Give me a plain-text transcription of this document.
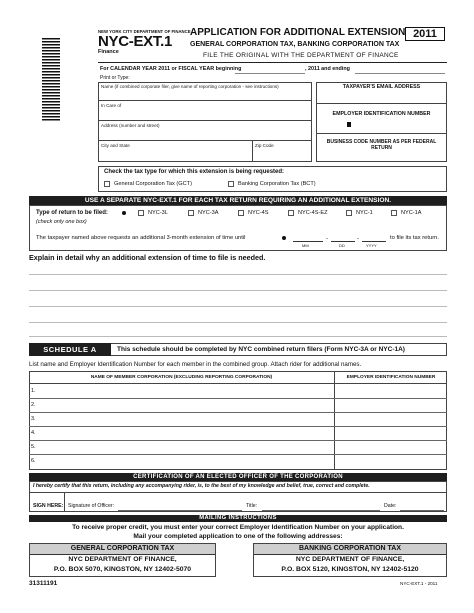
NEW YORK CITY DEPARTMENT OF FINANCE
NYC-EXT.1
Finance
APPLICATION FOR ADDITIONAL EXTENSION
GENERAL CORPORATION TAX, BANKING CORPORATION TAX
FILE THE ORIGINAL WITH THE DEPARTMENT OF FINANCE
2011
For CALENDAR YEAR 2011 or FISCAL YEAR beginning	, 2011 and ending
Print or Type:
Name (if combined corporate filer, give name of reporting corporation - see instructions)
In Care of
Address (number and street)
City and State	Zip Code
TAXPAYER'S EMAIL ADDRESS
EMPLOYER IDENTIFICATION NUMBER
BUSINESS CODE NUMBER AS PER FEDERAL RETURN
Check the tax type for which this extension is being requested:
General Corporation Tax (GCT)	Banking Corporation Tax (BCT)
USE A SEPARATE NYC-EXT.1 FOR EACH TAX RETURN REQUIRING AN ADDITIONAL EXTENSION.
Type of return to be filed:
(check only one box)
NYC-3L	NYC-3A	NYC-4S	NYC-4S-EZ	NYC-1	NYC-1A
The taxpayer named above requests an additional 3-month extension of time until
MM
-
DD
-
YYYY
to file its tax return.
Explain in detail why an additional extension of time to file is needed.
SCHEDULE A	This schedule should be completed by NYC combined return filers (Form NYC-3A or NYC-1A)
List name and Employer Identification Number for each member in the combined group. Attach rider for additional names.
NAME OF MEMBER CORPORATION (EXCLUDING REPORTING CORPORATION)	EMPLOYER IDENTIFICATION NUMBER
1.
2.
3.
4.
5.
6.
CERTIFICATION OF AN ELECTED OFFICER OF THE CORPORATION
I hereby certify that this return, including any accompanying rider, is, to the best of my knowledge and belief, true, correct and complete.
SIGN HERE: Signature of Officer:	Title:	Date:
MAILING INSTRUCTIONS
To receive proper credit, you must enter your correct Employer Identification Number on your application.
Mail your completed application to one of the following addresses:
GENERAL CORPORATION TAX
NYC DEPARTMENT OF FINANCE,
P.O. BOX 5070, KINGSTON, NY 12402-5070
BANKING CORPORATION TAX
NYC DEPARTMENT OF FINANCE,
P.O. BOX 5120, KINGSTON, NY 12402-5120
31311191	NYC-EXT.1 - 2011
